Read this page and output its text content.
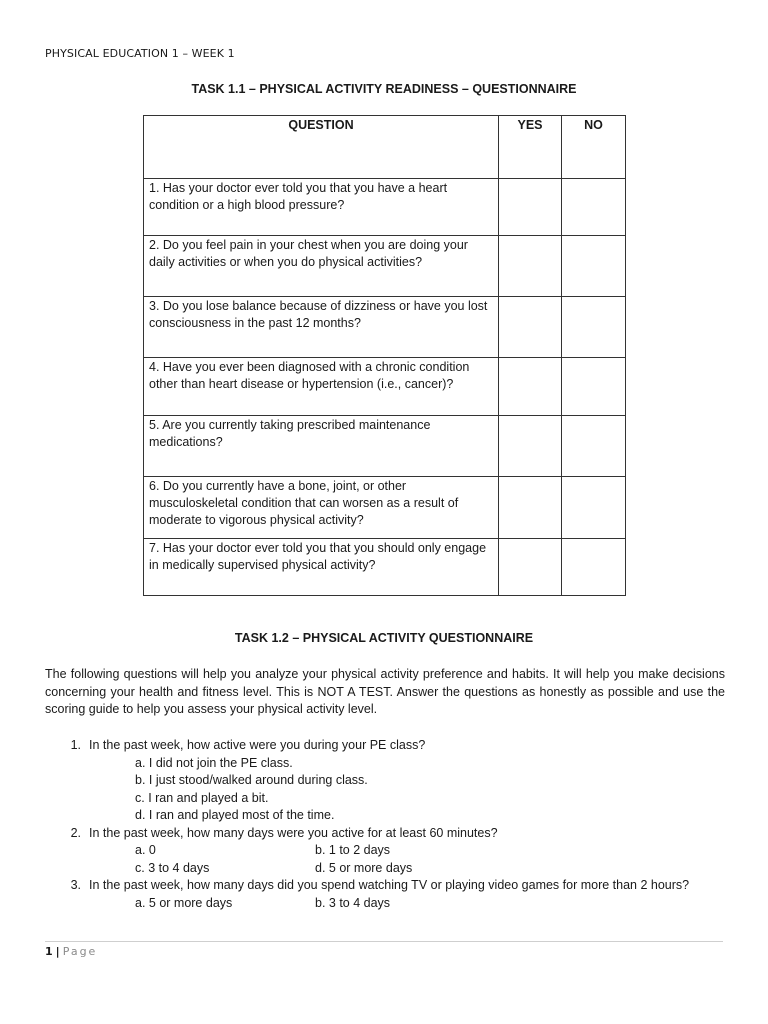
PHYSICAL EDUCATION 1 – WEEK 1
TASK 1.1 – PHYSICAL ACTIVITY READINESS – QUESTIONNAIRE
QUESTION	YES	NO
1. Has your doctor ever told you that you have a heart condition or a high blood pressure?		
2. Do you feel pain in your chest when you are doing your daily activities or when you do physical activities?		
3. Do you lose balance because of dizziness or have you lost consciousness in the past 12 months?		
4. Have you ever been diagnosed with a chronic condition other than heart disease or hypertension (i.e., cancer)?		
5. Are you currently taking prescribed maintenance medications?		
6. Do you currently have a bone, joint, or other musculoskeletal condition that can worsen as a result of moderate to vigorous physical activity?		
7. Has your doctor ever told you that you should only engage in medically supervised physical activity?		
TASK 1.2 – PHYSICAL ACTIVITY QUESTIONNAIRE
The following questions will help you analyze your physical activity preference and habits. It will help you make decisions concerning your health and fitness level. This is NOT A TEST. Answer the questions as honestly as possible and use the scoring guide to help you assess your physical activity level.
1. In the past week, how active were you during your PE class?
a. I did not join the PE class.
b. I just stood/walked around during class.
c. I ran and played a bit.
d. I ran and played most of the time.
2. In the past week, how many days were you active for at least 60 minutes?
a. 0	b. 1 to 2 days
c. 3 to 4 days	d. 5 or more days
3. In the past week, how many days did you spend watching TV or playing video games for more than 2 hours?
a. 5 or more days	b. 3 to 4 days
1 | Page
